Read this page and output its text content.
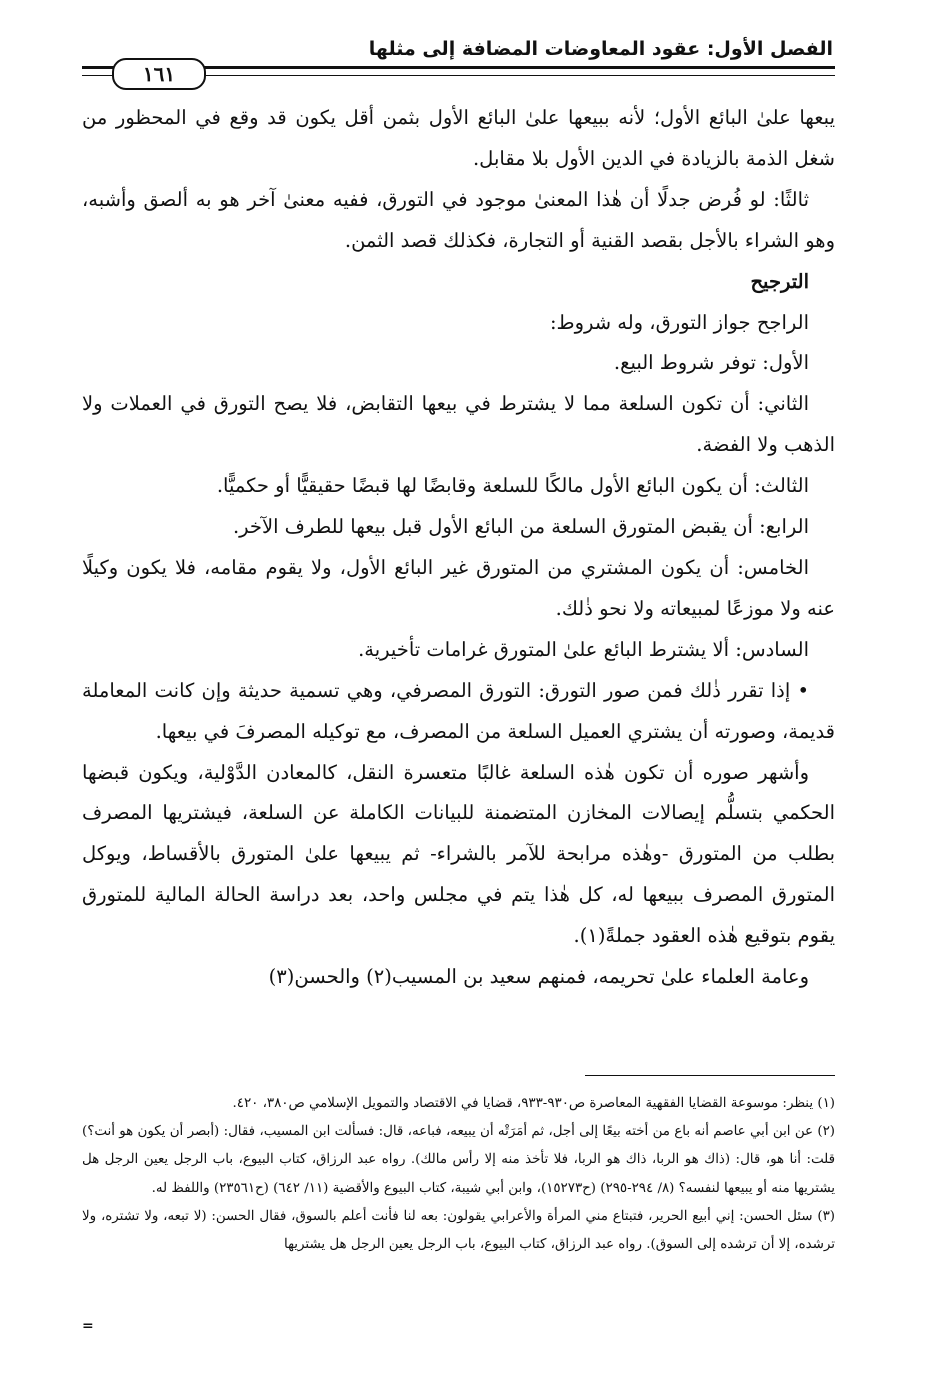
الفصل الأول: عقود المعاوضات المضافة إلى مثلها
١٦١

يبعها علىٰ البائع الأول؛ لأنه ببيعها علىٰ البائع الأول بثمن أقل يكون قد وقع في المحظور من شغل الذمة بالزيادة في الدين الأول بلا مقابل.

ثالثًا: لو فُرض جدلًا أن هٰذا المعنىٰ موجود في التورق، ففيه معنىٰ آخر هو به ألصق وأشبه، وهو الشراء بالأجل بقصد القنية أو التجارة، فكذلك قصد الثمن.

الترجيح

الراجح جواز التورق، وله شروط:

الأول: توفر شروط البيع.

الثاني: أن تكون السلعة مما لا يشترط في بيعها التقابض، فلا يصح التورق في العملات ولا الذهب ولا الفضة.

الثالث: أن يكون البائع الأول مالكًا للسلعة وقابضًا لها قبضًا حقيقيًّا أو حكميًّا.

الرابع: أن يقبض المتورق السلعة من البائع الأول قبل بيعها للطرف الآخر.

الخامس: أن يكون المشتري من المتورق غير البائع الأول، ولا يقوم مقامه، فلا يكون وكيلًا عنه ولا موزعًا لمبيعاته ولا نحو ذٰلك.

السادس: ألا يشترط البائع علىٰ المتورق غرامات تأخيرية.

• إذا تقرر ذٰلك فمن صور التورق: التورق المصرفي، وهي تسمية حديثة وإن كانت المعاملة قديمة، وصورته أن يشتري العميل السلعة من المصرف، مع توكيله المصرفَ في بيعها.

وأشهر صوره أن تكون هٰذه السلعة غالبًا متعسرة النقل، كالمعادن الدَّوْلية، ويكون قبضها الحكمي بتسلُّم إيصالات المخازن المتضمنة للبيانات الكاملة عن السلعة، فيشتريها المصرف بطلب من المتورق -وهٰذه مرابحة للآمر بالشراء- ثم يبيعها علىٰ المتورق بالأقساط، ويوكل المتورق المصرف ببيعها له، كل هٰذا يتم في مجلس واحد، بعد دراسة الحالة المالية للمتورق يقوم بتوقيع هٰذه العقود جملةً(١).

وعامة العلماء علىٰ تحريمه، فمنهم سعيد بن المسيب(٢) والحسن(٣)

(١) ينظر: موسوعة القضايا الفقهية المعاصرة ص٩٣٠-٩٣٣، قضايا في الاقتصاد والتمويل الإسلامي ص٣٨٠، ٤٢٠.

(٢) عن ابن أبي عاصم أنه باع من أخته بيعًا إلى أجل، ثم أمَرَتْه أن يبيعه، فباعه، قال: فسألت ابن المسيب، فقال: (أبصر أن يكون هو أنت؟) قلت: أنا هو، قال: (ذاك هو الربا، ذاك هو الربا، فلا تأخذ منه إلا رأس مالك). رواه عبد الرزاق، كتاب البيوع، باب الرجل يعين الرجل هل يشتريها منه أو يبيعها لنفسه؟ (٨/ ٢٩٤-٢٩٥) (ح١٥٢٧٣)، وابن أبي شيبة، كتاب البيوع والأقضية (١١/ ٦٤٢) (ح٢٣٥٦١) واللفظ له.

(٣) سئل الحسن: إني أبيع الحرير، فتبتاع مني المرأة والأعرابي يقولون: بعه لنا فأنت أعلم بالسوق، فقال الحسن: (لا تبعه، ولا تشتره، ولا ترشده، إلا أن ترشده إلى السوق). رواه عبد الرزاق، كتاب البيوع، باب الرجل يعين الرجل هل يشتريها

=
